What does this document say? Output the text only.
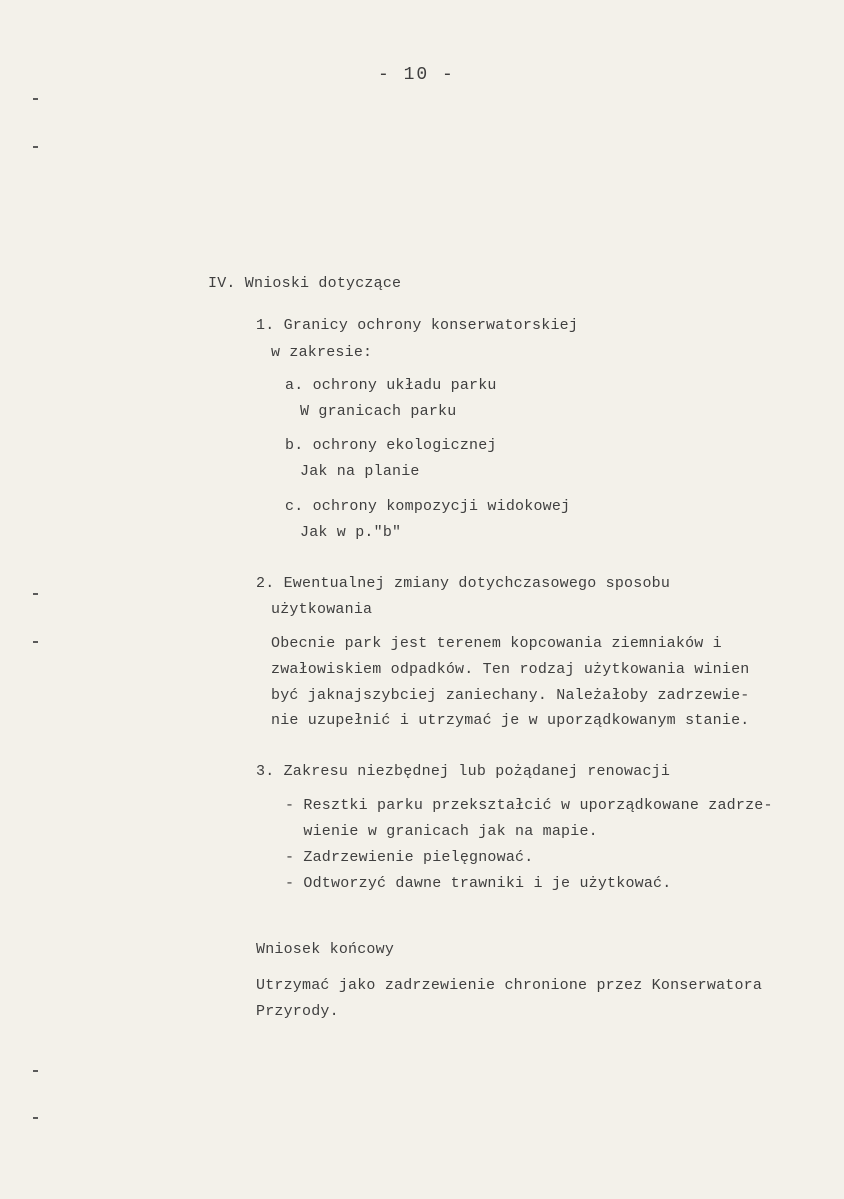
- 10 -
IV. Wnioski dotyczące
1. Granicy ochrony konserwatorskiej
w zakresie:
a. ochrony układu parku
W granicach parku
b. ochrony ekologicznej
Jak na planie
c. ochrony kompozycji widokowej
Jak w p."b"
2. Ewentualnej zmiany dotychczasowego sposobu
użytkowania
Obecnie park jest terenem kopcowania ziemniaków i
zwałowiskiem odpadków. Ten rodzaj użytkowania winien
być jaknajszybciej zaniechany. Należałoby zadrzewie-
nie uzupełnić i utrzymać je w uporządkowanym stanie.
3. Zakresu niezbędnej lub pożądanej renowacji
- Resztki parku przekształcić w uporządkowane zadrze-
wienie w granicach jak na mapie.
- Zadrzewienie pielęgnować.
- Odtworzyć dawne trawniki i je użytkować.
Wniosek końcowy
Utrzymać jako zadrzewienie chronione przez Konserwatora
Przyrody.
